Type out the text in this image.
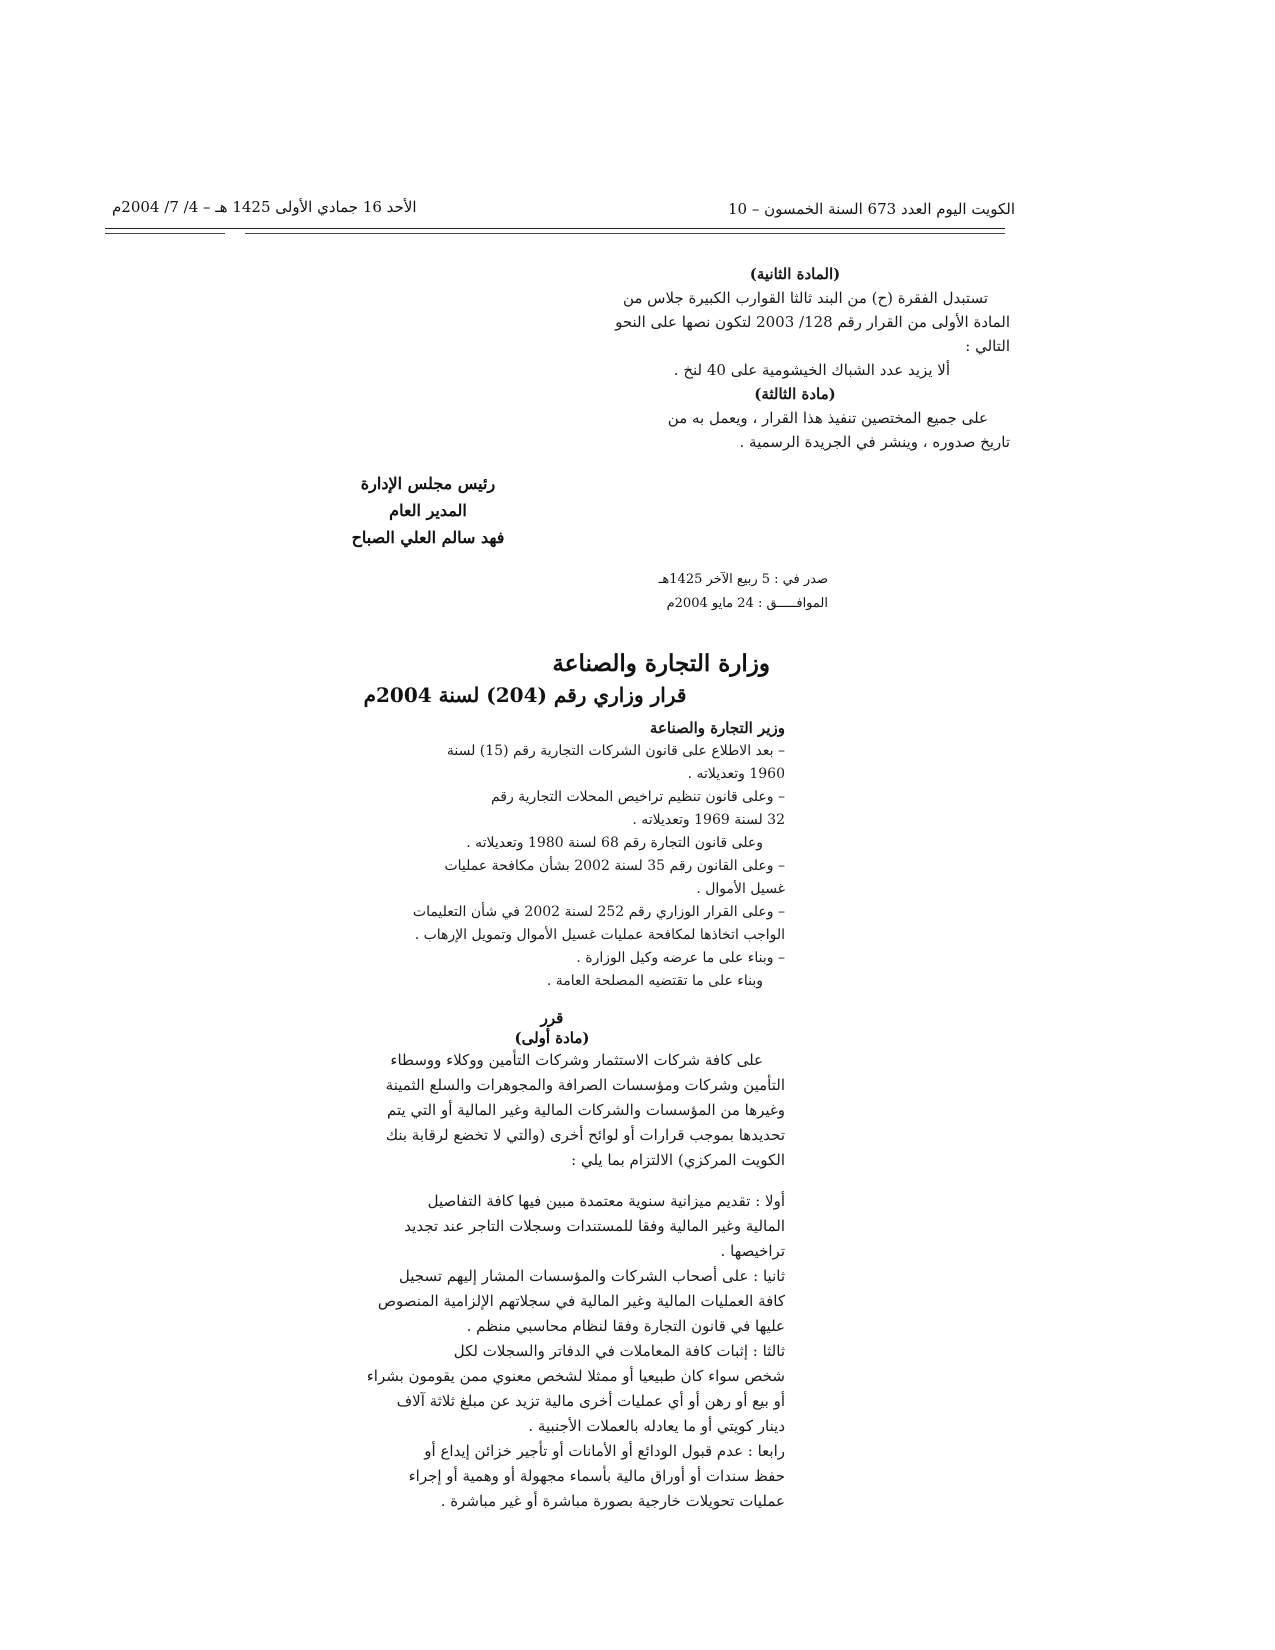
الكويت اليوم العدد 673 السنة الخمسون – 10
الأحد 16 جمادي الأولى 1425 هـ – 4/ 7/ 2004م
(المادة الثانية)
تستبدل الفقرة (ح) من البند ثالثا القوارب الكبيرة جلاس من
المادة الأولى من القرار رقم 128/ 2003 لتكون نصها على النحو
التالي :
ألا يزيد عدد الشباك الخيشومية على 40 لنخ .
(مادة الثالثة)
على جميع المختصين تنفيذ هذا القرار ، ويعمل به من
تاريخ صدوره ، وينشر في الجريدة الرسمية .
رئيس مجلس الإدارة
المدير العام
فهد سالم العلي الصباح
صدر في : 5 ربيع الآخر 1425هـ
الموافـــــق : 24 مايو 2004م
وزارة التجارة والصناعة
قرار وزاري رقم (204) لسنة 2004م
وزير التجارة والصناعة
– بعد الاطلاع على قانون الشركات التجارية رقم (15) لسنة
1960 وتعديلاته .
– وعلى قانون تنظيم تراخيص المحلات التجارية رقم
32 لسنة 1969 وتعديلاته .
وعلى قانون التجارة رقم 68 لسنة 1980 وتعديلاته .
– وعلى القانون رقم 35 لسنة 2002 بشأن مكافحة عمليات
غسيل الأموال .
– وعلى القرار الوزاري رقم 252 لسنة 2002 في شأن التعليمات
الواجب اتخاذها لمكافحة عمليات غسيل الأموال وتمويل الإرهاب .
– وبناء على ما عرضه وكيل الوزارة .
وبناء على ما تقتضيه المصلحة العامة .
قرر
(مادة أولى)
على كافة شركات الاستثمار وشركات التأمين ووكلاء ووسطاء
التأمين وشركات ومؤسسات الصرافة والمجوهرات والسلع الثمينة
وغيرها من المؤسسات والشركات المالية وغير المالية أو التي يتم
تحديدها بموجب قرارات أو لوائح أخرى (والتي لا تخضع لرقابة بنك
الكويت المركزي) الالتزام بما يلي :
أولا : تقديم ميزانية سنوية معتمدة مبين فيها كافة التفاصيل
المالية وغير المالية وفقا للمستندات وسجلات التاجر عند تجديد
تراخيصها .
ثانيا : على أصحاب الشركات والمؤسسات المشار إليهم تسجيل
كافة العمليات المالية وغير المالية في سجلاتهم الإلزامية المنصوص
عليها في قانون التجارة وفقا لنظام محاسبي منظم .
ثالثا : إثبات كافة المعاملات في الدفاتر والسجلات لكل
شخص سواء كان طبيعيا أو ممثلا لشخص معنوي ممن يقومون بشراء
أو بيع أو رهن أو أي عمليات أخرى مالية تزيد عن مبلغ ثلاثة آلاف
دينار كويتي أو ما يعادله بالعملات الأجنبية .
رابعا : عدم قبول الودائع أو الأمانات أو تأجير خزائن إيداع أو
حفظ سندات أو أوراق مالية بأسماء مجهولة أو وهمية أو إجراء
عمليات تحويلات خارجية بصورة مباشرة أو غير مباشرة .
